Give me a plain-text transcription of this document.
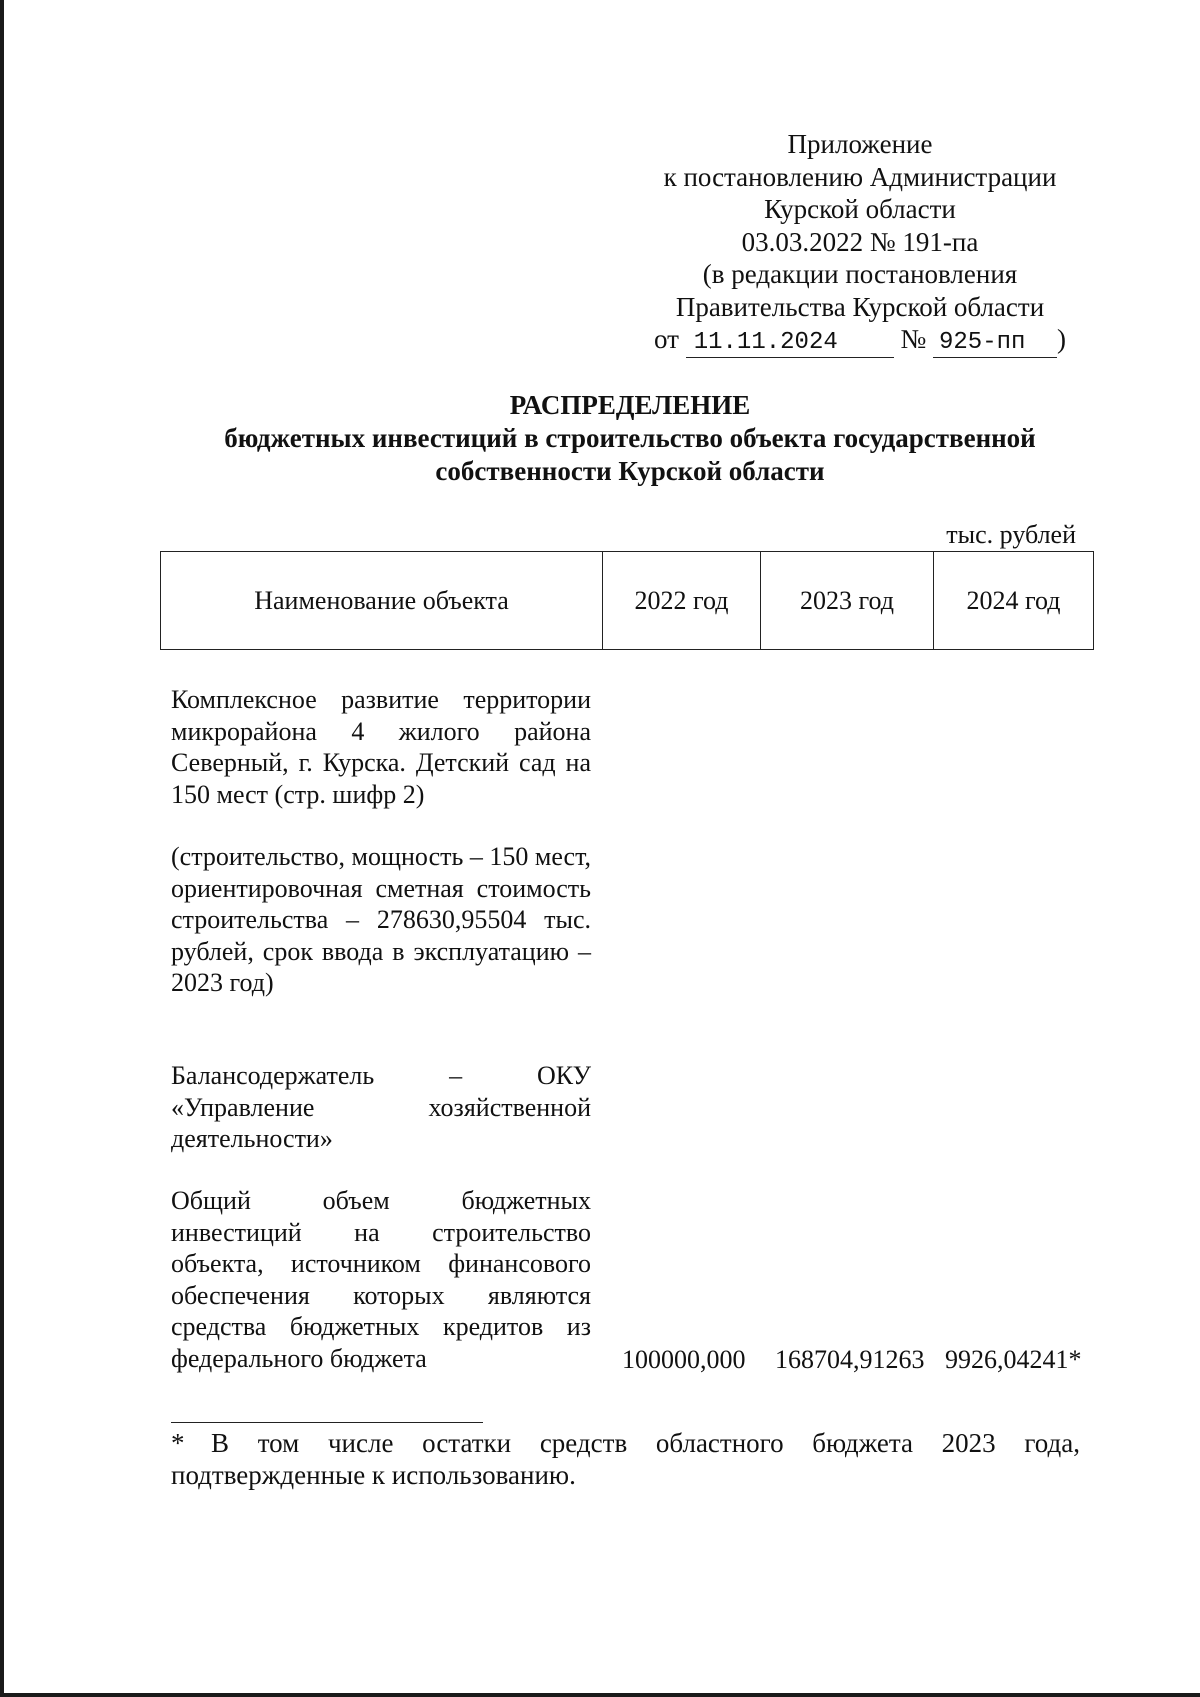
Приложение
к постановлению Администрации
Курской области
03.03.2022 № 191-па
(в редакции постановления
Правительства Курской области
от 11.11.2024 № 925-пп )
РАСПРЕДЕЛЕНИЕ
бюджетных инвестиций в строительство объекта государственной
собственности Курской области
тыс. рублей
Наименование объекта	2022 год	2023 год	2024 год

Комплексное развитие территории микрорайона 4 жилого района Северный, г. Курска. Детский сад на 150 мест (стр. шифр 2)

(строительство, мощность – 150 мест, ориентировочная сметная стоимость строительства – 278630,95504 тыс. рублей, срок ввода в эксплуатацию – 2023 год)

Балансодержатель – ОКУ «Управление хозяйственной деятельности»

Общий объем бюджетных инвестиций на строительство объекта, источником финансового обеспечения которых являются средства бюджетных кредитов из федерального бюджета	100000,000 168704,91263 9926,04241*
* В том числе остатки средств областного бюджета 2023 года, подтвержденные к использованию.
